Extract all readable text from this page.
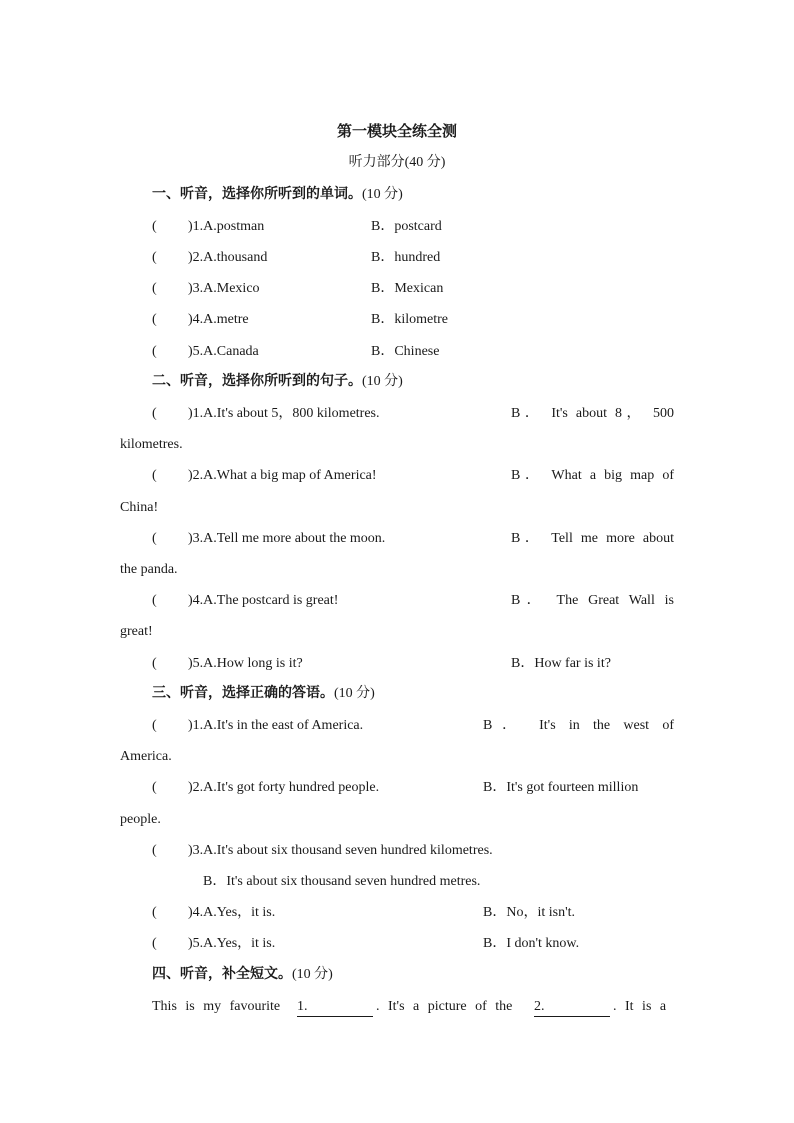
第一模块全练全测
听力部分(40 分)
一、听音，选择你所听到的单词。(10 分)
( )1.A.postman	B．postcard
( )2.A.thousand	B．hundred
( )3.A.Mexico	B．Mexican
( )4.A.metre	B．kilometre
( )5.A.Canada	B．Chinese
二、听音，选择你所听到的句子。(10 分)
( )1.A.It's about 5，800 kilometres.	B． It's about 8， 500
kilometres.
( )2.A.What a big map of America!	B． What a big map of
China!
( )3.A.Tell me more about the moon.	B． Tell me more about
the panda.
( )4.A.The postcard is great!	B． The Great Wall is
great!
( )5.A.How long is it?	B．How far is it?
三、听音，选择正确的答语。(10 分)
( )1.A.It's in the east of America.	B． It's in the west of
America.
( )2.A.It's got forty hundred people.	B．It's got fourteen million
people.
( )3.A.It's about six thousand seven hundred kilometres.
B．It's about six thousand seven hundred metres.
( )4.A.Yes，it is.	B．No，it isn't.
( )5.A.Yes，it is.	B．I don't know.
四、听音，补全短文。(10 分)
This is my favourite 1.	. It's a picture of the 2.	. It is a
